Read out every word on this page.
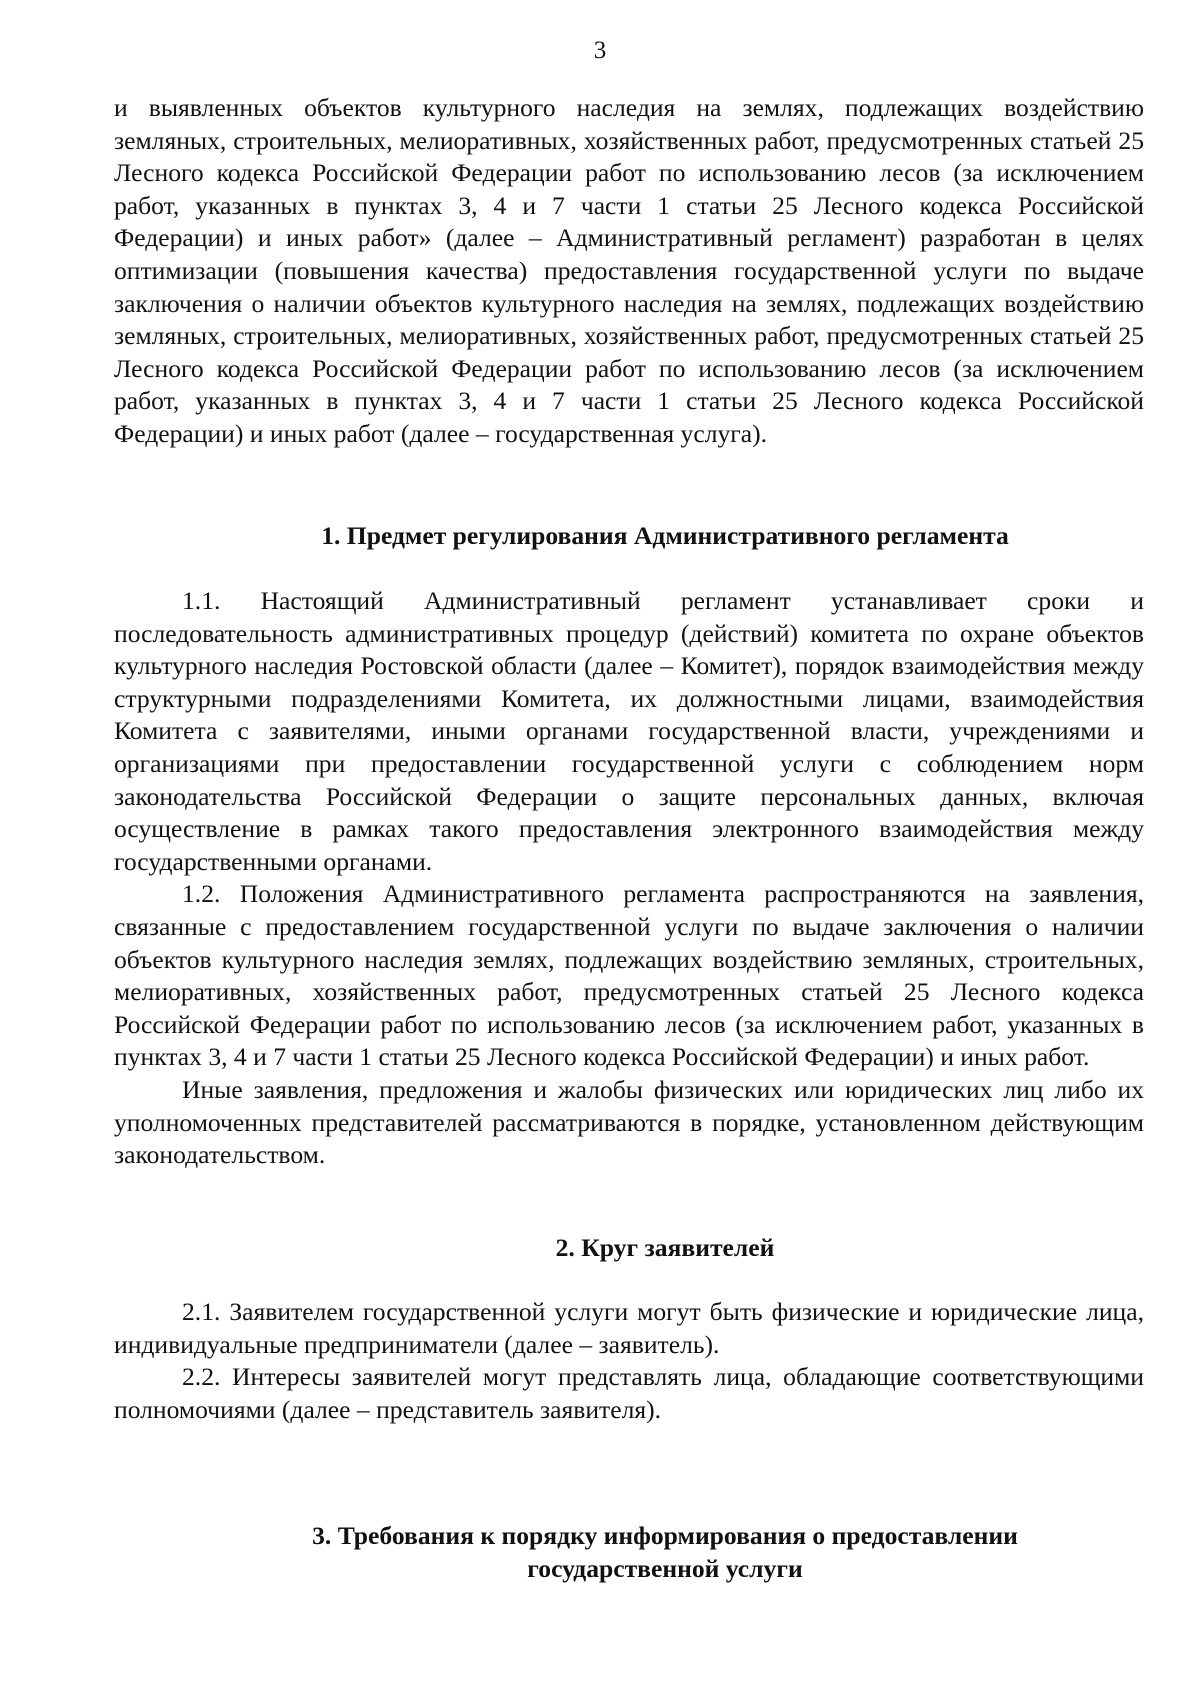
3

и выявленных объектов культурного наследия на землях, подлежащих воздействию земляных, строительных, мелиоративных, хозяйственных работ, предусмотренных статьей 25 Лесного кодекса Российской Федерации работ по использованию лесов (за исключением работ, указанных в пунктах 3, 4 и 7 части 1 статьи 25 Лесного кодекса Российской Федерации) и иных работ» (далее – Административный регламент) разработан в целях оптимизации (повышения качества) предоставления государственной услуги по выдаче заключения о наличии объектов культурного наследия на землях, подлежащих воздействию земляных, строительных, мелиоративных, хозяйственных работ, предусмотренных статьей 25 Лесного кодекса Российской Федерации работ по использованию лесов (за исключением работ, указанных в пунктах 3, 4 и 7 части 1 статьи 25 Лесного кодекса Российской Федерации) и иных работ (далее – государственная услуга).

1. Предмет регулирования Административного регламента

1.1. Настоящий Административный регламент устанавливает сроки и последовательность административных процедур (действий) комитета по охране объектов культурного наследия Ростовской области (далее – Комитет), порядок взаимодействия между структурными подразделениями Комитета, их должностными лицами, взаимодействия Комитета с заявителями, иными органами государственной власти, учреждениями и организациями при предоставлении государственной услуги с соблюдением норм законодательства Российской Федерации о защите персональных данных, включая осуществление в рамках такого предоставления электронного взаимодействия между государственными органами.

1.2. Положения Административного регламента распространяются на заявления, связанные с предоставлением государственной услуги по выдаче заключения о наличии объектов культурного наследия землях, подлежащих воздействию земляных, строительных, мелиоративных, хозяйственных работ, предусмотренных статьей 25 Лесного кодекса Российской Федерации работ по использованию лесов (за исключением работ, указанных в пунктах 3, 4 и 7 части 1 статьи 25 Лесного кодекса Российской Федерации) и иных работ.

Иные заявления, предложения и жалобы физических или юридических лиц либо их уполномоченных представителей рассматриваются в порядке, установленном действующим законодательством.

2. Круг заявителей

2.1. Заявителем государственной услуги могут быть физические и юридические лица, индивидуальные предприниматели (далее – заявитель).

2.2. Интересы заявителей могут представлять лица, обладающие соответствующими полномочиями (далее – представитель заявителя).

3. Требования к порядку информирования о предоставлении
государственной услуги
